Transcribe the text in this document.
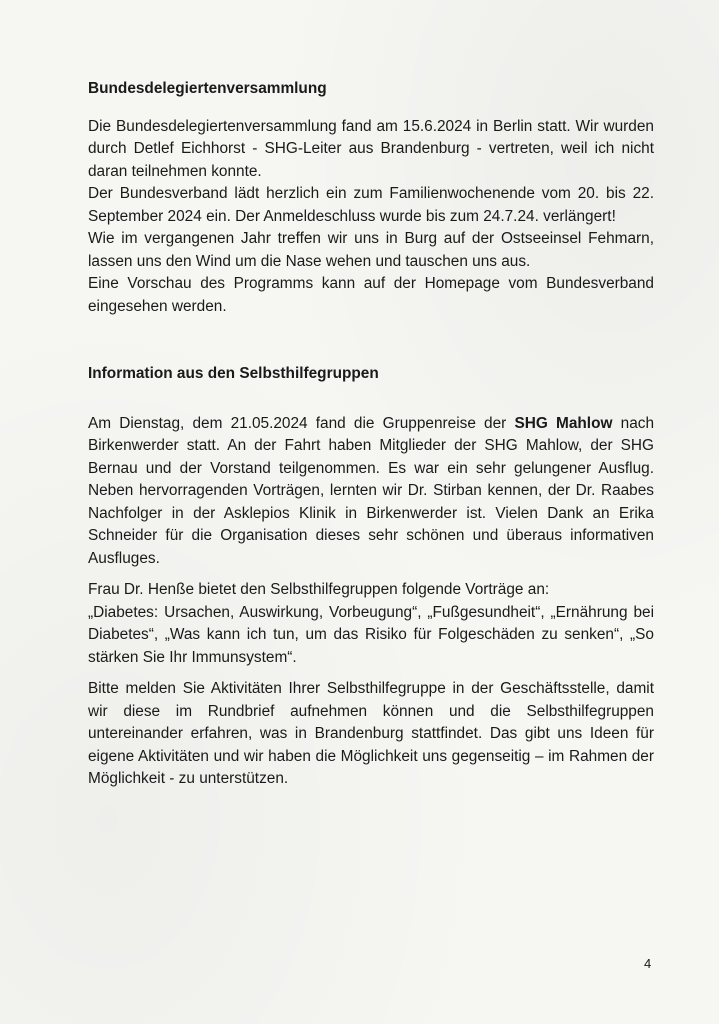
Bundesdelegiertenversammlung

Die Bundesdelegiertenversammlung fand am 15.6.2024 in Berlin statt. Wir wurden durch Detlef Eichhorst - SHG-Leiter aus Brandenburg - vertreten, weil ich nicht daran teilnehmen konnte.

Der Bundesverband lädt herzlich ein zum Familienwochenende vom 20. bis 22. September 2024 ein. Der Anmeldeschluss wurde bis zum 24.7.24. verlängert!

Wie im vergangenen Jahr treffen wir uns in Burg auf der Ostseeinsel Fehmarn, lassen uns den Wind um die Nase wehen und tauschen uns aus.

Eine Vorschau des Programms kann auf der Homepage vom Bundesverband eingesehen werden.

Information aus den Selbsthilfegruppen

Am Dienstag, dem 21.05.2024 fand die Gruppenreise der SHG Mahlow nach Birkenwerder statt. An der Fahrt haben Mitglieder der SHG Mahlow, der SHG Bernau und der Vorstand teilgenommen. Es war ein sehr gelungener Ausflug. Neben hervorragenden Vorträgen, lernten wir Dr. Stirban kennen, der Dr. Raabes Nachfolger in der Asklepios Klinik in Birkenwerder ist. Vielen Dank an Erika Schneider für die Organisation dieses sehr schönen und überaus informativen Ausfluges.

Frau Dr. Henße bietet den Selbsthilfegruppen folgende Vorträge an:

„Diabetes: Ursachen, Auswirkung, Vorbeugung“, „Fußgesundheit“, „Ernährung bei Diabetes“, „Was kann ich tun, um das Risiko für Folgeschäden zu senken“, „So stärken Sie Ihr Immunsystem“.

Bitte melden Sie Aktivitäten Ihrer Selbsthilfegruppe in der Geschäftsstelle, damit wir diese im Rundbrief aufnehmen können und die Selbsthilfegruppen untereinander erfahren, was in Brandenburg stattfindet. Das gibt uns Ideen für eigene Aktivitäten und wir haben die Möglichkeit uns gegenseitig – im Rahmen der Möglichkeit - zu unterstützen.

4
